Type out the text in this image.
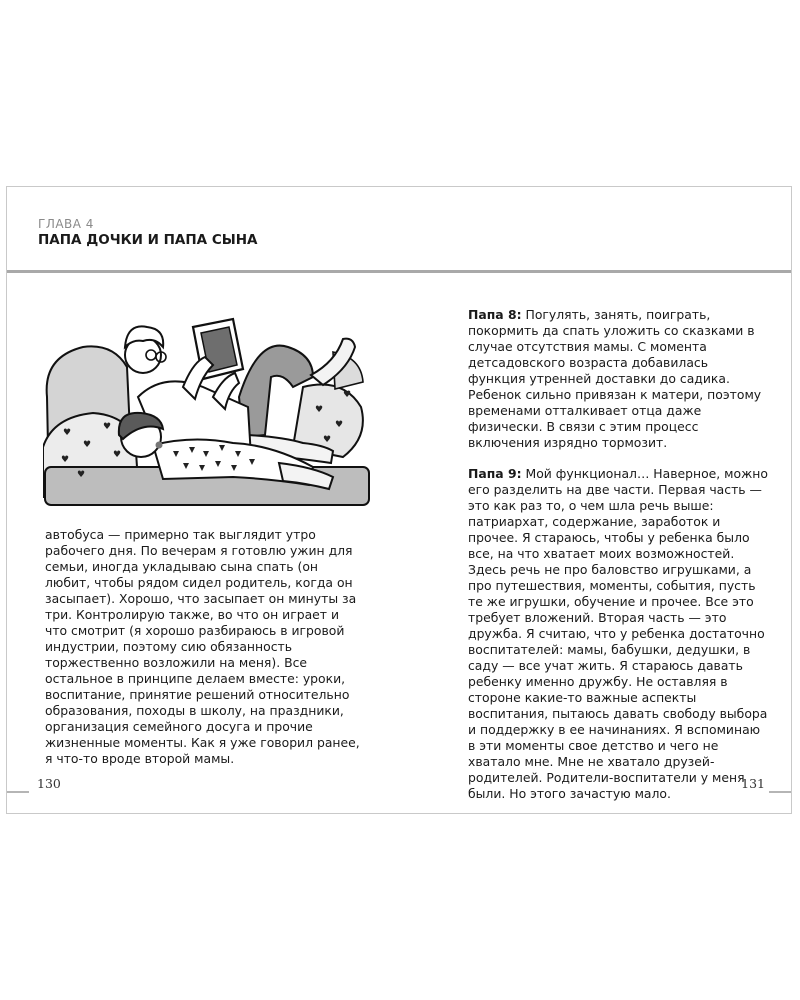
ГЛАВА 4
ПАПА ДОЧКИ И ПАПА СЫНА
♥
♥
♥
♥
♥
♥
♥
♥
♥
♥
автобуса — примерно так выглядит утро рабочего дня. По вечерам я готовлю ужин для семьи, иногда укладываю сына спать (он любит, чтобы рядом сидел родитель, когда он засыпает). Хорошо, что засыпает он минуты за три. Контролирую также, во что он играет и что смотрит (я хорошо разбираюсь в игровой индустрии, поэтому сию обязанность торжественно возложили на меня). Все остальное в принципе делаем вместе: уроки, воспитание, принятие решений относительно образования, походы в школу, на праздники, организация семейного досуга и прочие жизненные моменты. Как я уже говорил ранее, я что-то вроде второй мамы.

Папа 8: Погулять, занять, поиграть, покормить да спать уложить со сказками в случае отсутствия мамы. С момента детсадовского возраста добавилась функция утренней доставки до садика. Ребенок сильно привязан к матери, поэтому временами отталкивает отца даже физически. В связи с этим процесс включения изрядно тормозит.

Папа 9: Мой функционал… Наверное, можно его разделить на две части. Первая часть — это как раз то, о чем шла речь выше: патриархат, содержание, заработок и прочее. Я стараюсь, чтобы у ребенка было все, на что хватает моих возможностей. Здесь речь не про баловство игрушками, а про путешествия, моменты, события, пусть те же игрушки, обучение и прочее. Все это требует вложений. Вторая часть — это дружба. Я считаю, что у ребенка достаточно воспитателей: мамы, бабушки, дедушки, в саду — все учат жить. Я стараюсь давать ребенку именно дружбу. Не оставляя в стороне какие-то важные аспекты воспитания, пытаюсь давать свободу выбора и поддержку в ее начинаниях. Я вспоминаю в эти моменты свое детство и чего не хватало мне. Мне не хватало друзей-родителей. Родители-воспитатели у меня были. Но этого зачастую мало.

130	131
